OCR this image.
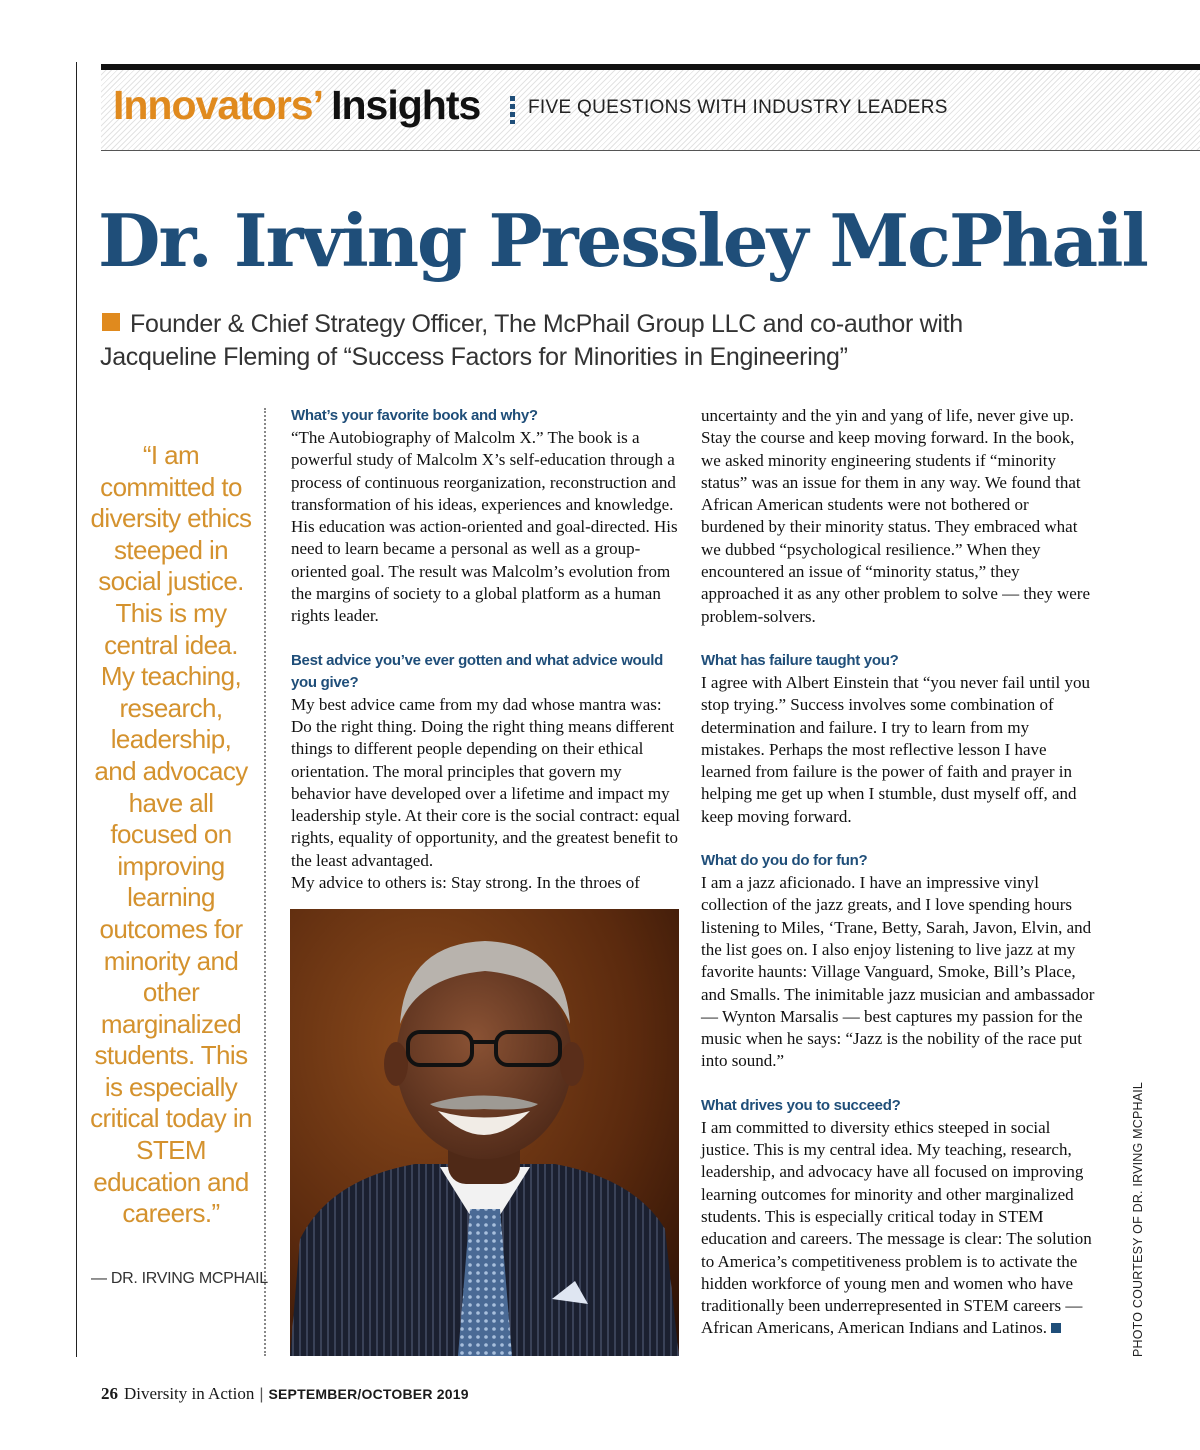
Innovators’ Insights	FIVE QUESTIONS WITH INDUSTRY LEADERS
Dr. Irving Pressley McPhail
Founder & Chief Strategy Officer, The McPhail Group LLC and co-author with
Jacqueline Fleming of “Success Factors for Minorities in Engineering”
“I am committed to diversity ethics steeped in social justice. This is my central idea. My teaching, research, leadership, and advocacy have all focused on improving learning outcomes for minority and other marginalized students. This is especially critical today in STEM education and careers.”
— DR. IRVING MCPHAIL

What’s your favorite book and why?

“The Autobiography of Malcolm X.” The book is a powerful study of Malcolm X’s self-education through a process of continuous reorganization, reconstruction and transformation of his ideas, experiences and knowledge. His education was action-oriented and goal-directed. His need to learn became a personal as well as a group-oriented goal. The result was Malcolm’s evolution from the margins of society to a global platform as a human rights leader.

Best advice you’ve ever gotten and what advice would you give?

My best advice came from my dad whose mantra was: Do the right thing. Doing the right thing means different things to different people depending on their ethical orientation. The moral principles that govern my behavior have developed over a lifetime and impact my leadership style. At their core is the social contract: equal rights, equality of opportunity, and the greatest benefit to the least advantaged.

My advice to others is: Stay strong. In the throes of

uncertainty and the yin and yang of life, never give up. Stay the course and keep moving forward. In the book, we asked minority engineering students if “minority status” was an issue for them in any way. We found that African American students were not bothered or burdened by their minority status. They embraced what we dubbed “psychological resilience.” When they encountered an issue of “minority status,” they approached it as any other problem to solve — they were problem-solvers.

What has failure taught you?

I agree with Albert Einstein that “you never fail until you stop trying.” Success involves some combination of determination and failure. I try to learn from my mistakes. Perhaps the most reflective lesson I have learned from failure is the power of faith and prayer in helping me get up when I stumble, dust myself off, and keep moving forward.

What do you do for fun?

I am a jazz aficionado. I have an impressive vinyl collection of the jazz greats, and I love spending hours listening to Miles, ‘Trane, Betty, Sarah, Javon, Elvin, and the list goes on. I also enjoy listening to live jazz at my favorite haunts: Village Vanguard, Smoke, Bill’s Place, and Smalls. The inimitable jazz musician and ambassador — Wynton Marsalis — best captures my passion for the music when he says: “Jazz is the nobility of the race put into sound.”

What drives you to succeed?

I am committed to diversity ethics steeped in social justice. This is my central idea. My teaching, research, leadership, and advocacy have all focused on improving learning outcomes for minority and other marginalized students. This is especially critical today in STEM education and careers. The message is clear: The solution to America’s competitiveness problem is to activate the hidden workforce of young men and women who have traditionally been underrepresented in STEM careers — African Americans, American Indians and Latinos.	PHOTO COURTESY OF DR. IRVING MCPHAIL
26 Diversity in Action | SEPTEMBER/OCTOBER 2019
